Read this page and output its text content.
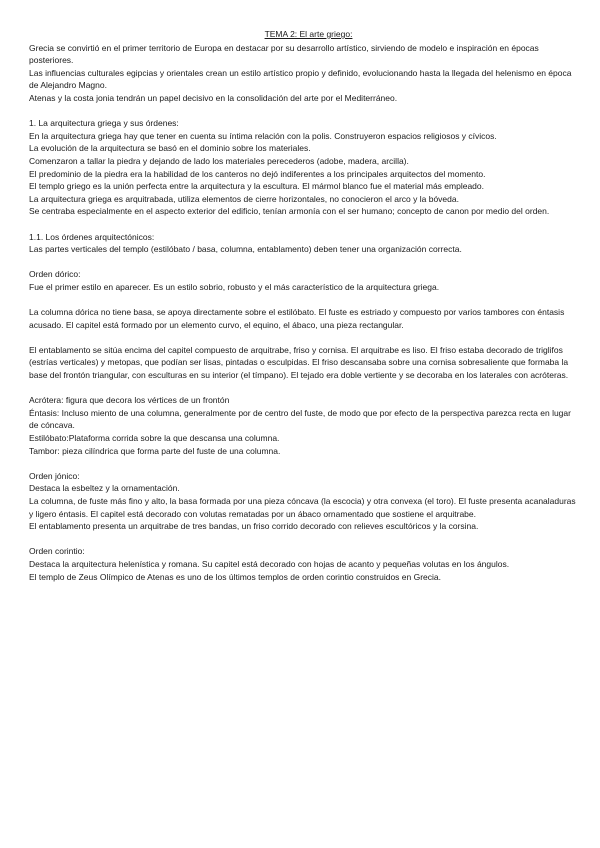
TEMA 2: El arte griego:

Grecia se convirtió en el primer territorio de Europa en destacar por su desarrollo artístico, sirviendo de modelo e inspiración en épocas posteriores.

Las influencias culturales egipcias y orientales crean un estilo artístico propio y definido, evolucionando hasta la llegada del helenismo en época de Alejandro Magno.

Atenas y la costa jonia tendrán un papel decisivo en la consolidación del arte por el Mediterráneo.

1. La arquitectura griega y sus órdenes:

En la arquitectura griega hay que tener en cuenta su íntima relación con la polis. Construyeron espacios religiosos y cívicos.

La evolución de la arquitectura se basó en el dominio sobre los materiales.

Comenzaron a tallar la piedra y dejando de lado los materiales perecederos (adobe, madera, arcilla).

El predominio de la piedra era la habilidad de los canteros no dejó indiferentes a los principales arquitectos del momento.

El templo griego es la unión perfecta entre la arquitectura y la escultura. El mármol blanco fue el material más empleado.

La arquitectura griega es arquitrabada, utiliza elementos de cierre horizontales, no conocieron el arco y la bóveda.

Se centraba especialmente en el aspecto exterior del edificio, tenían armonía con el ser humano; concepto de canon por medio del orden.

1.1. Los órdenes arquitectónicos:

Las partes verticales del templo (estilóbato / basa, columna, entablamento) deben tener una organización correcta.

Orden dórico:

Fue el primer estilo en aparecer. Es un estilo sobrio, robusto y el más característico de la arquitectura griega.

La columna dórica no tiene basa, se apoya directamente sobre el estilóbato. El fuste es estriado y compuesto por varios tambores con éntasis acusado. El capitel está formado por un elemento curvo, el equino, el ábaco, una pieza rectangular.

El entablamento se sitúa encima del capitel compuesto de arquitrabe, friso y cornisa. El arquitrabe es liso. El friso estaba decorado de triglifos (estrías verticales) y metopas, que podían ser lisas, pintadas o esculpidas. El friso descansaba sobre una cornisa sobresaliente que formaba la base del frontón triangular, con esculturas en su interior (el tímpano). El tejado era doble vertiente y se decoraba en los laterales con acróteras.

Acrótera: figura que decora los vértices de un frontón

Éntasis: Incluso miento de una columna, generalmente por de centro del fuste, de modo que por efecto de la perspectiva parezca recta en lugar de cóncava.

Estilóbato:Plataforma corrida sobre la que descansa una columna.

Tambor: pieza cilíndrica que forma parte del fuste de una columna.

Orden jónico:

Destaca la esbeltez y la ornamentación.

La columna, de fuste más fino y alto, la basa formada por una pieza cóncava (la escocia) y otra convexa (el toro). El fuste presenta acanaladuras y ligero éntasis. El capitel está decorado con volutas rematadas por un ábaco ornamentado que sostiene el arquitrabe.

El entablamento presenta un arquitrabe de tres bandas, un friso corrido decorado con relieves escultóricos y la corsina.

Orden corintio:

Destaca la arquitectura helenística y romana. Su capitel está decorado con hojas de acanto y pequeñas volutas en los ángulos.

El templo de Zeus Olímpico de Atenas es uno de los últimos templos de orden corintio construidos en Grecia.
